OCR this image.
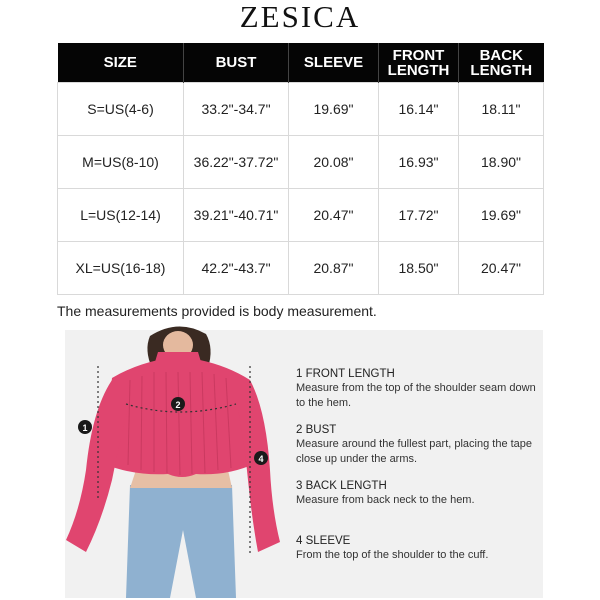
ZESICA
SIZE	BUST	SLEEVE	FRONT LENGTH	BACK LENGTH
S=US(4-6)	33.2"-34.7"	19.69"	16.14"	18.11"
M=US(8-10)	36.22"-37.72"	20.08"	16.93"	18.90"
L=US(12-14)	39.21"-40.71"	20.47"	17.72"	19.69"
XL=US(16-18)	42.2"-43.7"	20.87"	18.50"	20.47"
The measurements provided is body measurement.
1
2
4
1 FRONT LENGTH
Measure from the top of the shoulder seam down to the hem.
2 BUST
Measure around the fullest part, placing the tape close up under the arms.
3 BACK LENGTH
Measure from back neck to the hem.
4 SLEEVE
From the top of the shoulder to the cuff.
